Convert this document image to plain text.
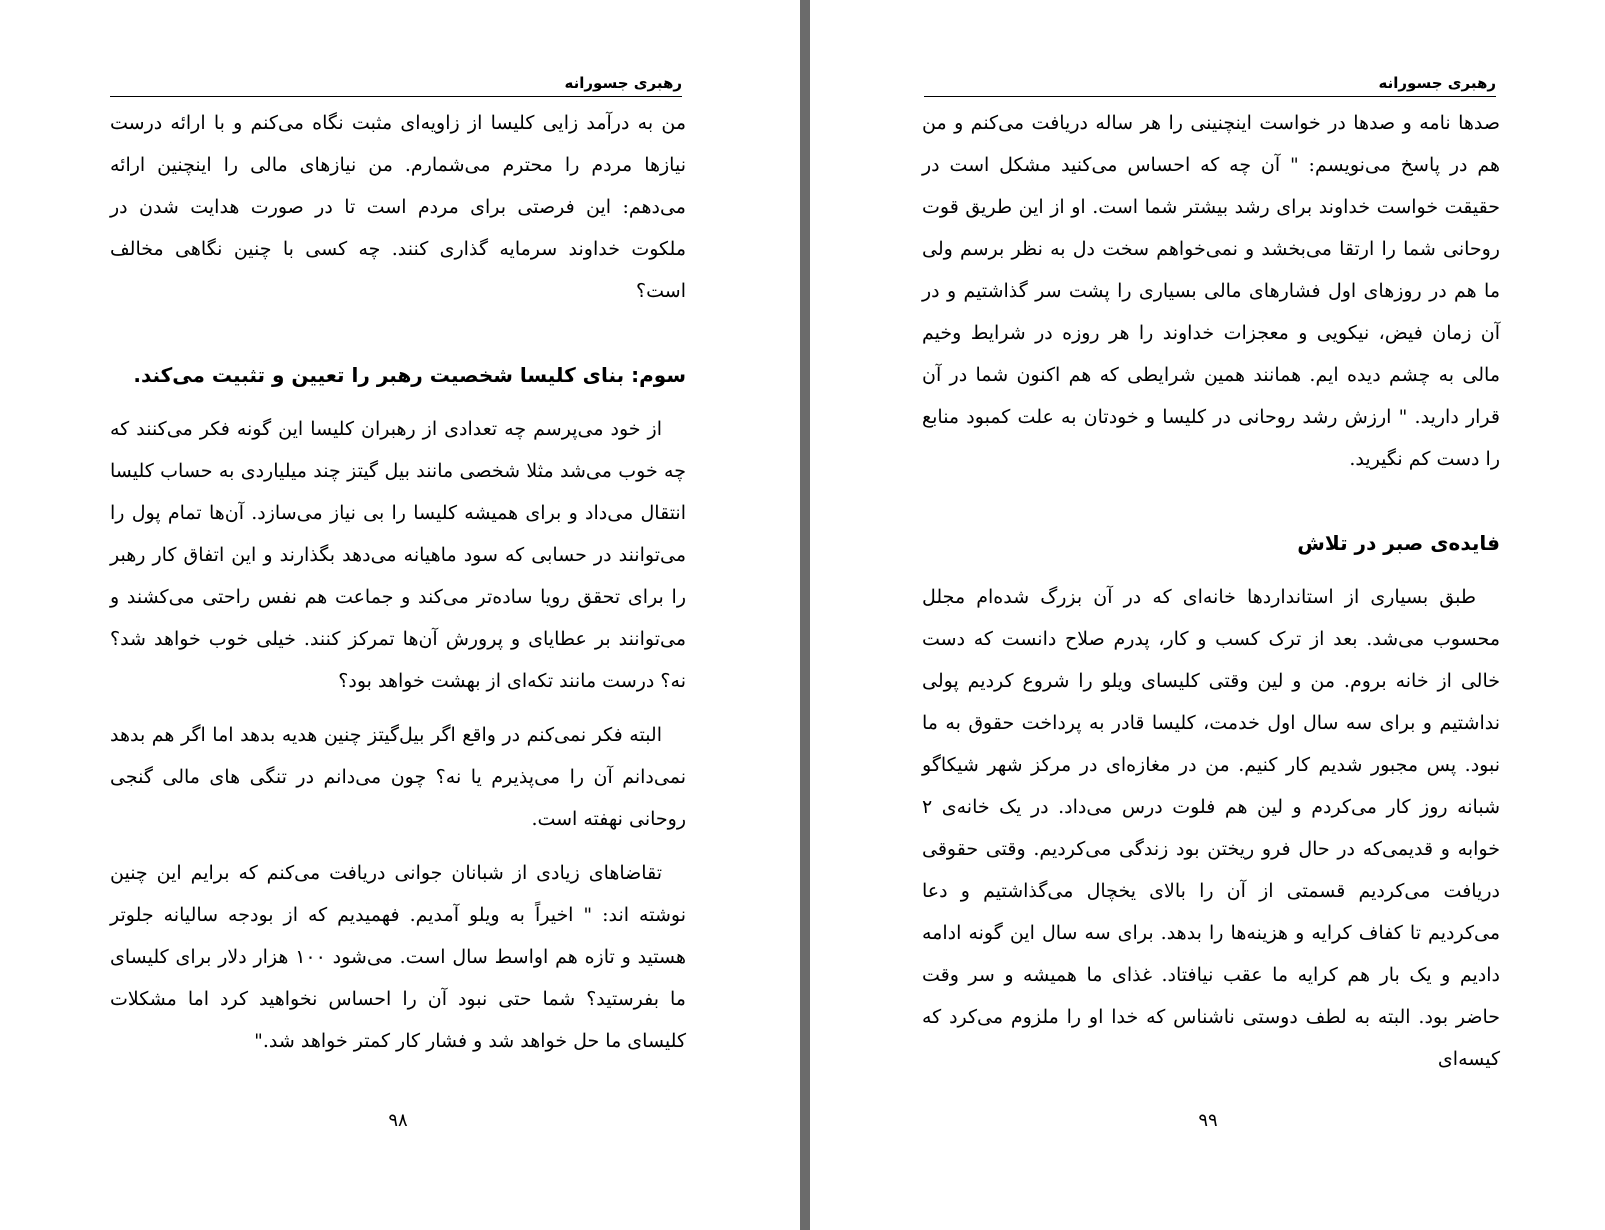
رهبری جسورانه

من به درآمد زایی کلیسا از زاویه‌ای مثبت نگاه می‌کنم و با ارائه درست نیازها مردم را محترم می‌شمارم. من نیازهای مالی را اینچنین ارائه می‌دهم: این فرصتی برای مردم است تا در صورت هدایت شدن در ملکوت خداوند سرمایه گذاری کنند. چه کسی با چنین نگاهی مخالف است؟

سوم: بنای کلیسا شخصیت رهبر را تعیین و تثبیت می‌کند.

از خود می‌پرسم چه تعدادی از رهبران کلیسا این گونه فکر می‌کنند که چه خوب می‌شد مثلا شخصی مانند بیل گیتز چند میلیاردی به حساب کلیسا انتقال می‌داد و برای همیشه کلیسا را بی نیاز می‌سازد. آن‌ها تمام پول را می‌توانند در حسابی که سود ماهیانه می‌دهد بگذارند و این اتفاق کار رهبر را برای تحقق رویا ساده‌تر می‌کند و جماعت هم نفس راحتی می‌کشند و می‌توانند بر عطایای و پرورش آن‌ها تمرکز کنند. خیلی خوب خواهد شد؟ نه؟ درست مانند تکه‌ای از بهشت خواهد بود؟

البته فکر نمی‌کنم در واقع اگر بیل‌گیتز چنین هدیه بدهد اما اگر هم بدهد نمی‌دانم آن را می‌پذیرم یا نه؟ چون می‌دانم در تنگی های مالی گنجی روحانی نهفته است.

تقاضاهای زیادی از شبانان جوانی دریافت می‌کنم که برایم این چنین نوشته اند: " اخیراً به ویلو آمدیم. فهمیدیم که از بودجه سالیانه جلوتر هستید و تازه هم اواسط سال است. می‌شود ۱۰۰ هزار دلار برای کلیسای ما بفرستید؟ شما حتی نبود آن را احساس نخواهید کرد اما مشکلات کلیسای ما حل خواهد شد و فشار کار کمتر خواهد شد."

۹۸
رهبری جسورانه

صدها نامه و صدها در خواست اینچنینی را هر ساله دریافت می‌کنم و من هم در پاسخ می‌نویسم: " آن چه که احساس می‌کنید مشکل است در حقیقت خواست خداوند برای رشد بیشتر شما است. او از این طریق قوت روحانی شما را ارتقا می‌بخشد و نمی‌خواهم سخت دل به نظر برسم ولی ما هم در روزهای اول فشارهای مالی بسیاری را پشت سر گذاشتیم و در آن زمان فیض، نیکویی و معجزات خداوند را هر روزه در شرایط وخیم مالی به چشم دیده ایم. همانند همین شرایطی که هم اکنون شما در آن قرار دارید. " ارزش رشد روحانی در کلیسا و خودتان به علت کمبود منابع را دست کم نگیرید.

فایده‌ی صبر در تلاش

طبق بسیاری از استانداردها خانه‌ای که در آن بزرگ شده‌ام مجلل محسوب می‌شد. بعد از ترک کسب و کار، پدرم صلاح دانست که دست خالی از خانه بروم. من و لین وقتی کلیسای ویلو را شروع کردیم پولی نداشتیم و برای سه سال اول خدمت، کلیسا قادر به پرداخت حقوق به ما نبود. پس مجبور شدیم کار کنیم. من در مغازه‌ای در مرکز شهر شیکاگو شبانه روز کار می‌کردم و لین هم فلوت درس می‌داد. در یک خانه‌ی ۲ خوابه و قدیمی‌که در حال فرو ریختن بود زندگی می‌کردیم. وقتی حقوقی دریافت می‌کردیم قسمتی از آن را بالای یخچال می‌گذاشتیم و دعا می‌کردیم تا کفاف کرایه و هزینه‌ها را بدهد. برای سه سال این گونه ادامه دادیم و یک بار هم کرایه ما عقب نیافتاد. غذای ما همیشه و سر وقت حاضر بود. البته به لطف دوستی ناشناس که خدا او را ملزوم می‌کرد که کیسه‌ای

۹۹
